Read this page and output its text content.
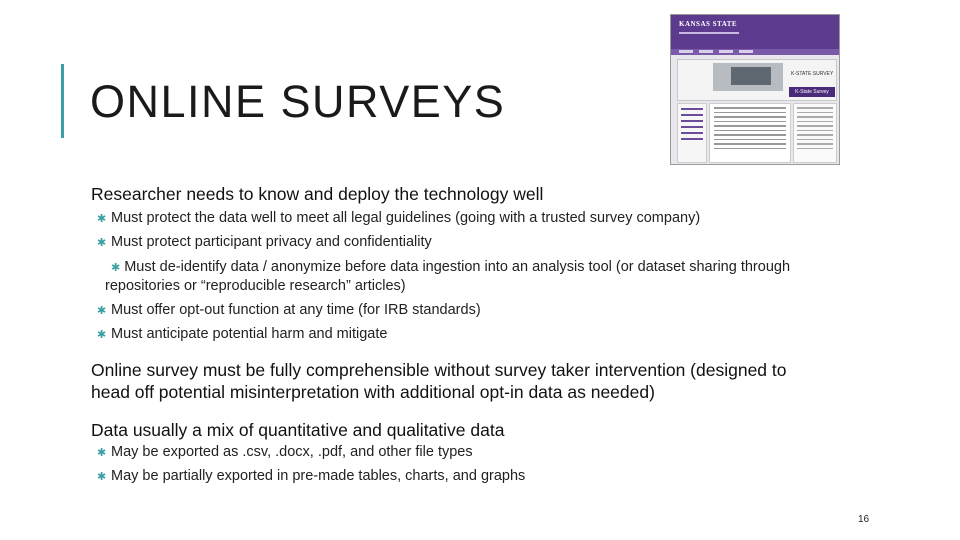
ONLINE SURVEYS
KANSAS STATE
K-STATE SURVEY
K-State Survey

Researcher needs to know and deploy the technology well

✱ Must protect the data well to meet all legal guidelines (going with a trusted survey company)

✱ Must protect participant privacy and confidentiality

✱ Must de-identify data / anonymize before data ingestion into an analysis tool (or dataset sharing through repositories or “reproducible research” articles)

✱ Must offer opt-out function at any time (for IRB standards)

✱ Must anticipate potential harm and mitigate

Online survey must be fully comprehensible without survey taker intervention (designed to head off potential misinterpretation with additional opt-in data as needed)

Data usually a mix of quantitative and qualitative data

✱ May be exported as .csv, .docx, .pdf, and other file types

✱ May be partially exported in pre-made tables, charts, and graphs

16
